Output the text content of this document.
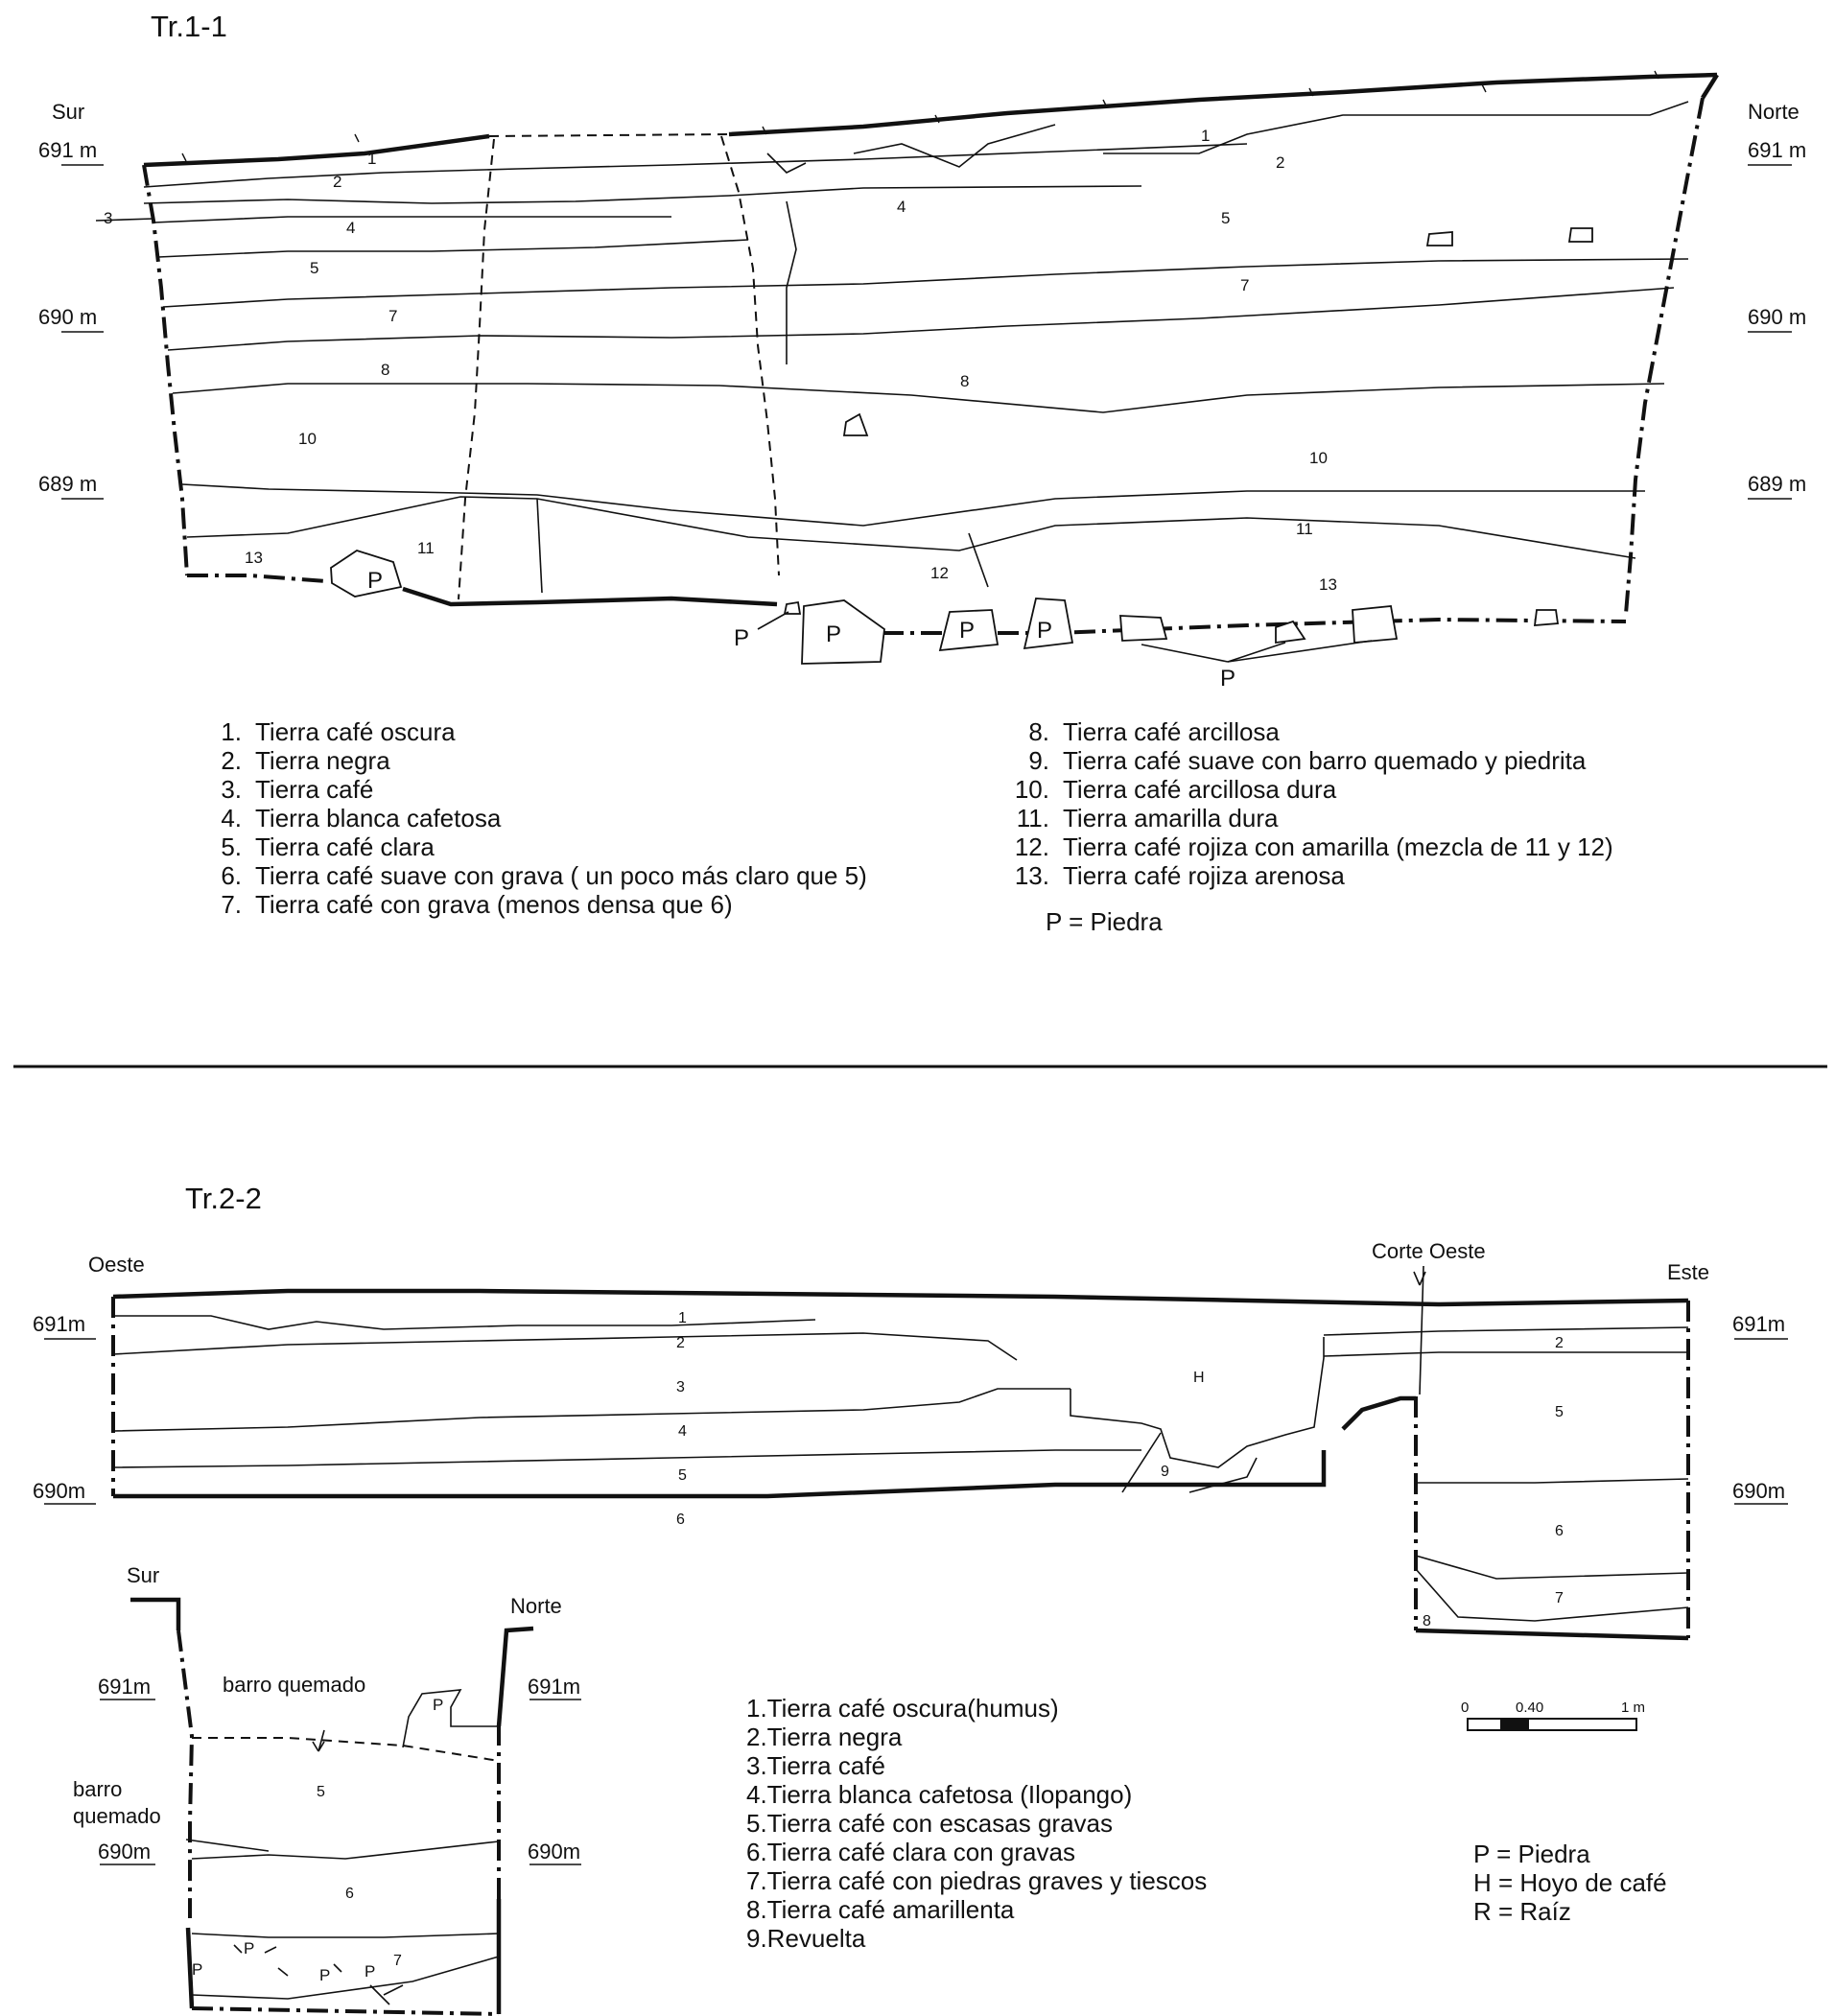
Tr.1-1
Sur	Norte
691 m
690 m
689 m
691 m
690 m
689 m
1
2
3
4
5
7
8
10
13
11
1
2
4
5
7
8
10
11
12
13
P
P	P	P	P
P
1. Tierra café oscura
2. Tierra negra
3. Tierra café
4. Tierra blanca cafetosa
5. Tierra café clara
6. Tierra café suave con grava ( un poco más claro que 5)
7. Tierra café con grava (menos densa que 6)
8. Tierra café arcillosa
9. Tierra café suave con barro quemado y piedrita
10. Tierra café arcillosa dura
11. Tierra amarilla dura
12. Tierra café rojiza con amarilla (mezcla de 11 y 12)
13. Tierra café rojiza arenosa
P = Piedra
Tr.2-2
Oeste	Este
Corte Oeste
691m
690m
691m
690m
1
2
3
4
5
6
H
9
2
5
6
7
8
1.Tierra café oscura(humus)
2.Tierra negra
3.Tierra café
4.Tierra blanca cafetosa (Ilopango)
5.Tierra café con escasas gravas
6.Tierra café clara con gravas
7.Tierra café con piedras graves y tiescos
8.Tierra café amarillenta
9.Revuelta
P = Piedra
H = Hoyo de café
R = Raíz
0	0.40	1 m
Sur
Norte
691m
690m
691m
690m
barro quemado
barro
quemado
5
6
7
P
P
P	P P
